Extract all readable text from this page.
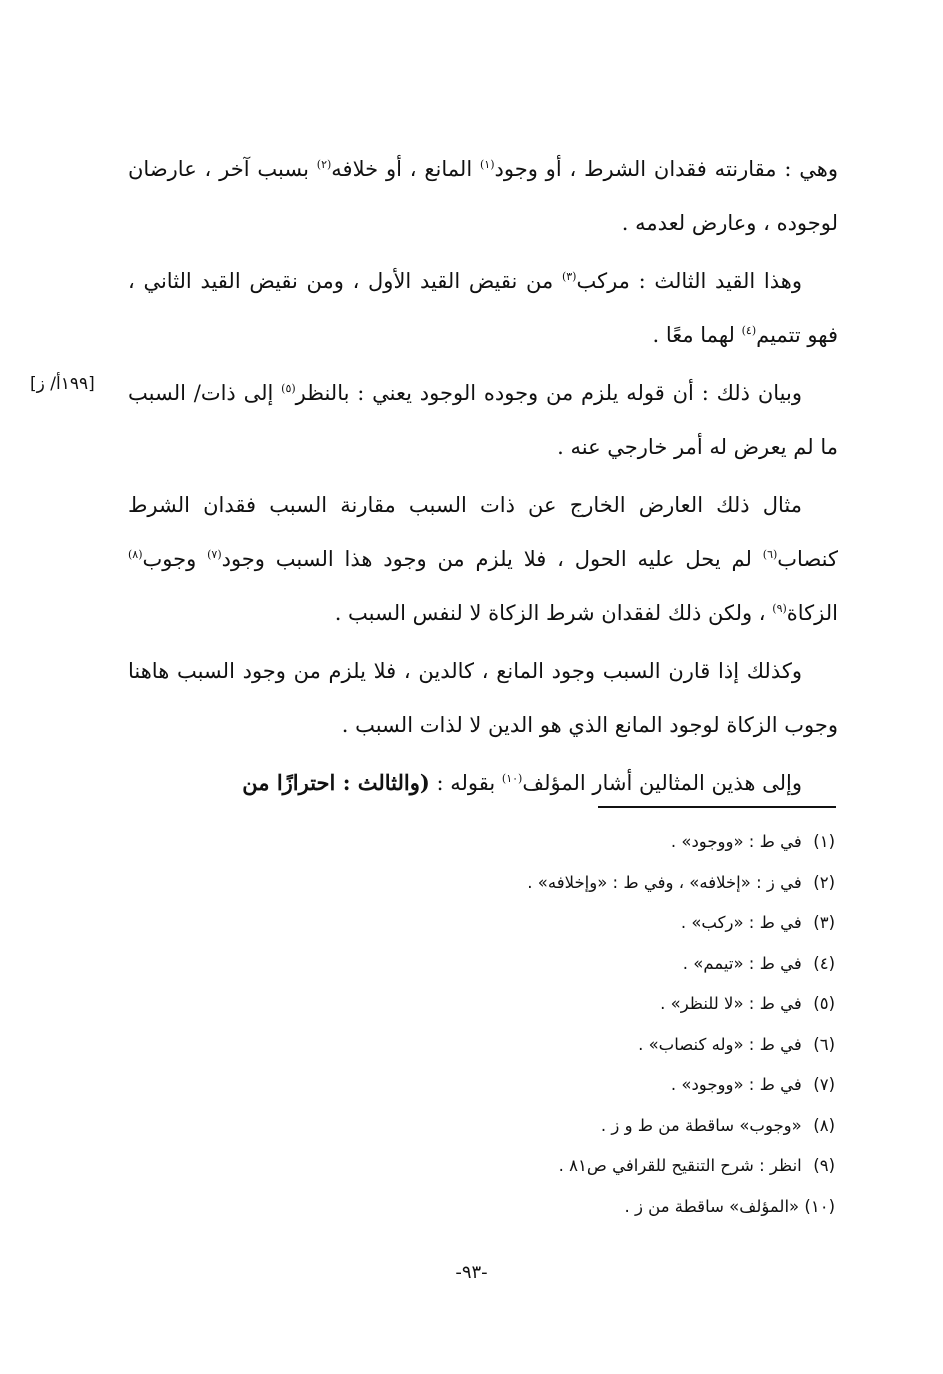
[١٩٩أ/ ز]

وهي : مقارنته فقدان الشرط ، أو وجود$^{(١)}$ المانع ، أو خلافه$^{(٢)}$ بسبب آخر ، عارضان لوجوده ، وعارض لعدمه .

وهذا القيد الثالث : مركب$^{(٣)}$ من نقيض القيد الأول ، ومن نقيض القيد الثاني ، فهو تتميم$^{(٤)}$ لهما معًا .

وبيان ذلك : أن قوله يلزم من وجوده الوجود يعني : بالنظر$^{(٥)}$ إلى ذات/ السبب ما لم يعرض له أمر خارجي عنه .

مثال ذلك العارض الخارج عن ذات السبب مقارنة السبب فقدان الشرط كنصاب$^{(٦)}$ لم يحل عليه الحول ، فلا يلزم من وجود هذا السبب وجود$^{(٧)}$ وجوب$^{(٨)}$ الزكاة$^{(٩)}$ ، ولكن ذلك لفقدان شرط الزكاة لا لنفس السبب .

وكذلك إذا قارن السبب وجود المانع ، كالدين ، فلا يلزم من وجود السبب هاهنا وجوب الزكاة لوجود المانع الذي هو الدين لا لذات السبب .

وإلى هذين المثالين أشار المؤلف$^{(١٠)}$ بقوله : (والثالث : احترازًا من

(١) في ط : «ووجود» .
(٢) في ز : «إخلافه» ، وفي ط : «وإخلافه» .
(٣) في ط : «ركب» .
(٤) في ط : «تيمم» .
(٥) في ط : «لا للنظر» .
(٦) في ط : «وله كنصاب» .
(٧) في ط : «ووجود» .
(٨) «وجوب» ساقطة من ط و ز .
(٩) انظر : شرح التنقيح للقرافي ص٨١ .
(١٠) «المؤلف» ساقطة من ز .
-٩٣-
